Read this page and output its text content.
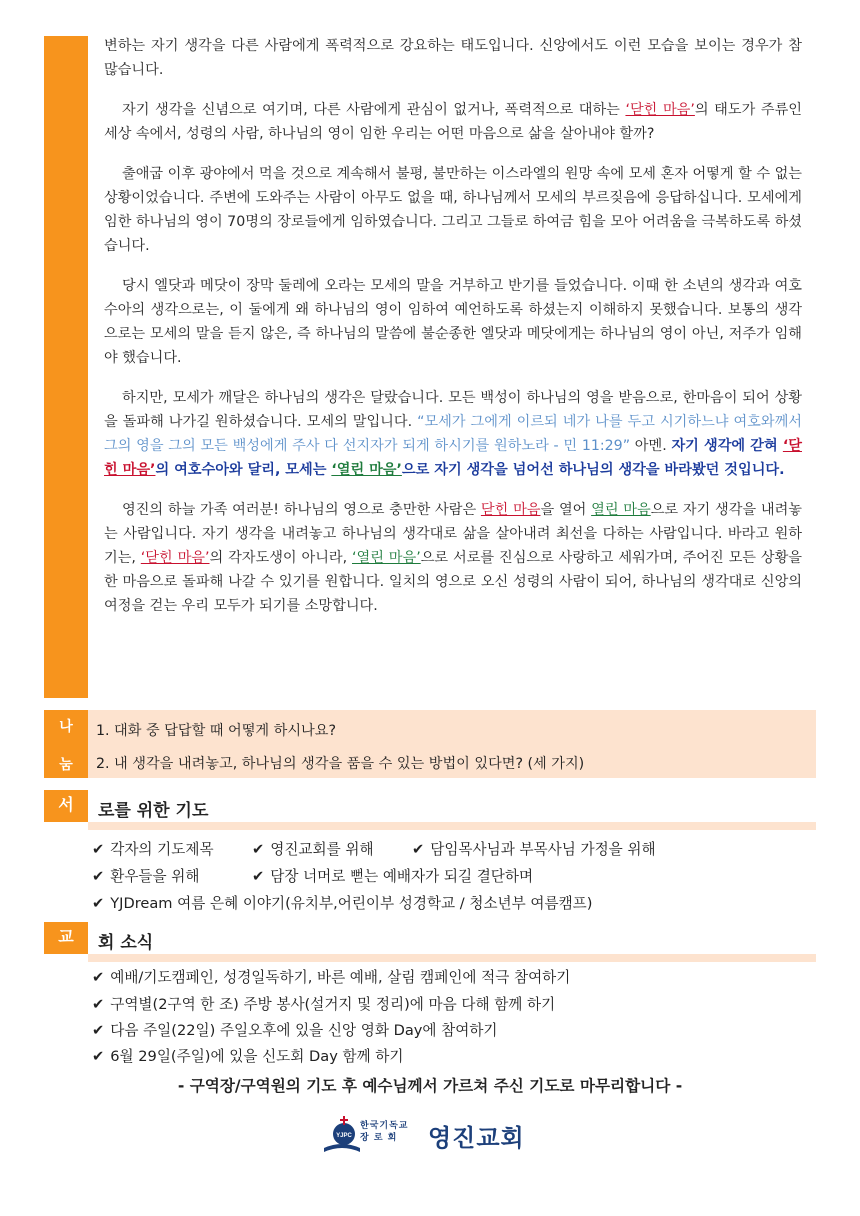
변하는 자기 생각을 다른 사람에게 폭력적으로 강요하는 태도입니다. 신앙에서도 이런 모습을 보이는 경우가 참 많습니다.

자기 생각을 신념으로 여기며, 다른 사람에게 관심이 없거나, 폭력적으로 대하는 ‘닫힌 마음’의 태도가 주류인 세상 속에서, 성령의 사람, 하나님의 영이 임한 우리는 어떤 마음으로 삶을 살아내야 할까?

출애굽 이후 광야에서 먹을 것으로 계속해서 불평, 불만하는 이스라엘의 원망 속에 모세 혼자 어떻게 할 수 없는 상황이었습니다. 주변에 도와주는 사람이 아무도 없을 때, 하나님께서 모세의 부르짖음에 응답하십니다. 모세에게 임한 하나님의 영이 70명의 장로들에게 임하였습니다. 그리고 그들로 하여금 힘을 모아 어려움을 극복하도록 하셨습니다.

당시 엘닷과 메닷이 장막 둘레에 오라는 모세의 말을 거부하고 반기를 들었습니다. 이때 한 소년의 생각과 여호수아의 생각으로는, 이 둘에게 왜 하나님의 영이 임하여 예언하도록 하셨는지 이해하지 못했습니다. 보통의 생각으로는 모세의 말을 듣지 않은, 즉 하나님의 말씀에 불순종한 엘닷과 메닷에게는 하나님의 영이 아닌, 저주가 임해야 했습니다.

하지만, 모세가 깨달은 하나님의 생각은 달랐습니다. 모든 백성이 하나님의 영을 받음으로, 한마음이 되어 상황을 돌파해 나가길 원하셨습니다. 모세의 말입니다. “모세가 그에게 이르되 네가 나를 두고 시기하느냐 여호와께서 그의 영을 그의 모든 백성에게 주사 다 선지자가 되게 하시기를 원하노라 - 민 11:29” 아멘. 자기 생각에 갇혀 ‘닫힌 마음’의 여호수아와 달리, 모세는 ‘열린 마음’으로 자기 생각을 넘어선 하나님의 생각을 바라봤던 것입니다.

영진의 하늘 가족 여러분! 하나님의 영으로 충만한 사람은 닫힌 마음을 열어 열린 마음으로 자기 생각을 내려놓는 사람입니다. 자기 생각을 내려놓고 하나님의 생각대로 삶을 살아내려 최선을 다하는 사람입니다. 바라고 원하기는, ‘닫힌 마음’의 각자도생이 아니라, ‘열린 마음’으로 서로를 진심으로 사랑하고 세워가며, 주어진 모든 상황을 한 마음으로 돌파해 나갈 수 있기를 원합니다. 일치의 영으로 오신 성령의 사람이 되어, 하나님의 생각대로 신앙의 여정을 걷는 우리 모두가 되기를 소망합니다.

나
눔
1. 대화 중 답답할 때 어떻게 하시나요?
2. 내 생각을 내려놓고, 하나님의 생각을 품을 수 있는 방법이 있다면? (세 가지)
서	로를 위한 기도
✔ 각자의 기도제목	✔ 영진교회를 위해	✔ 담임목사님과 부목사님 가정을 위해
✔ 환우들을 위해	✔ 담장 너머로 뻗는 예배자가 되길 결단하며
✔ YJDream 여름 은혜 이야기(유치부,어린이부 성경학교 / 청소년부 여름캠프)
교	회 소식
✔ 예배/기도캠페인, 성경일독하기, 바른 예배, 살림 캠페인에 적극 참여하기
✔ 구역별(2구역 한 조) 주방 봉사(설거지 및 정리)에 마음 다해 함께 하기
✔ 다음 주일(22일) 주일오후에 있을 신앙 영화 Day에 참여하기
✔ 6월 29일(주일)에 있을 신도회 Day 함께 하기
- 구역장/구역원의 기도 후 예수님께서 가르쳐 주신 기도로 마무리합니다 -
YJPC
한국기독교
장 로 회	영진교회
